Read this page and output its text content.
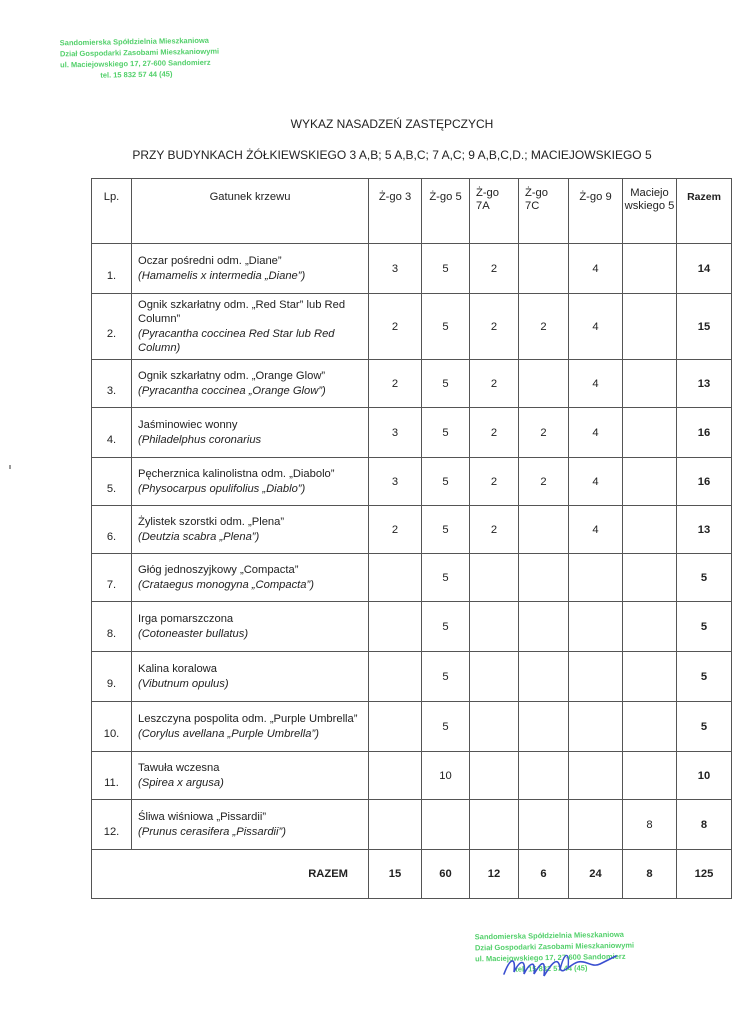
Sandomierska Spółdzielnia Mieszkaniowa
Dział Gospodarki Zasobami Mieszkaniowymi
ul. Maciejowskiego 17, 27-600 Sandomierz
tel. 15 832 57 44 (45)
WYKAZ NASADZEŃ ZASTĘPCZYCH
PRZY BUDYNKACH ŻÓŁKIEWSKIEGO 3 A,B; 5 A,B,C; 7 A,C; 9 A,B,C,D.; MACIEJOWSKIEGO 5
Lp.	Gatunek krzewu	Ż-go 3	Ż-go 5	Ż-go 7A	Ż-go 7C	Ż-go 9	Maciejo wskiego 5	Razem

1.	Oczar pośredni odm. „Diane”
(Hamamelis x intermedia „Diane”)	3	5	2		4		14
2.	Ognik szkarłatny odm. „Red Star” lub Red Column”
(Pyracantha coccinea Red Star lub Red Column)	2	5	2	2	4		15
3.	Ognik szkarłatny odm. „Orange Glow”
(Pyracantha coccinea „Orange Glow”)	2	5	2		4		13
4.	Jaśminowiec wonny
(Philadelphus coronarius	3	5	2	2	4		16
5.	Pęcherznica kalinolistna odm. „Diabolo”
(Physocarpus opulifolius „Diablo”)	3	5	2	2	4		16
6.	Żylistek szorstki odm. „Plena”
(Deutzia scabra „Plena”)	2	5	2		4		13
7.	Głóg jednoszyjkowy „Compacta”
(Crataegus monogyna „Compacta”)		5					5
8.	Irga pomarszczona
(Cotoneaster bullatus)		5					5
9.	Kalina koralowa
(Vibutnum opulus)		5					5
10.	Leszczyna pospolita odm. „Purple Umbrella”
(Corylus avellana „Purple Umbrella”)		5					5
11.	Tawuła wczesna
(Spirea x argusa)		10					10
12.	Śliwa wiśniowa „Pissardii”
(Prunus cerasifera „Pissardii”)						8	8
RAZEM		15	60	12	6	24	8	125
Sandomierska Spółdzielnia Mieszkaniowa
Dział Gospodarki Zasobami Mieszkaniowymi
ul. Maciejowskiego 17, 27-600 Sandomierz
tel. 15 832 57 44 (45)
